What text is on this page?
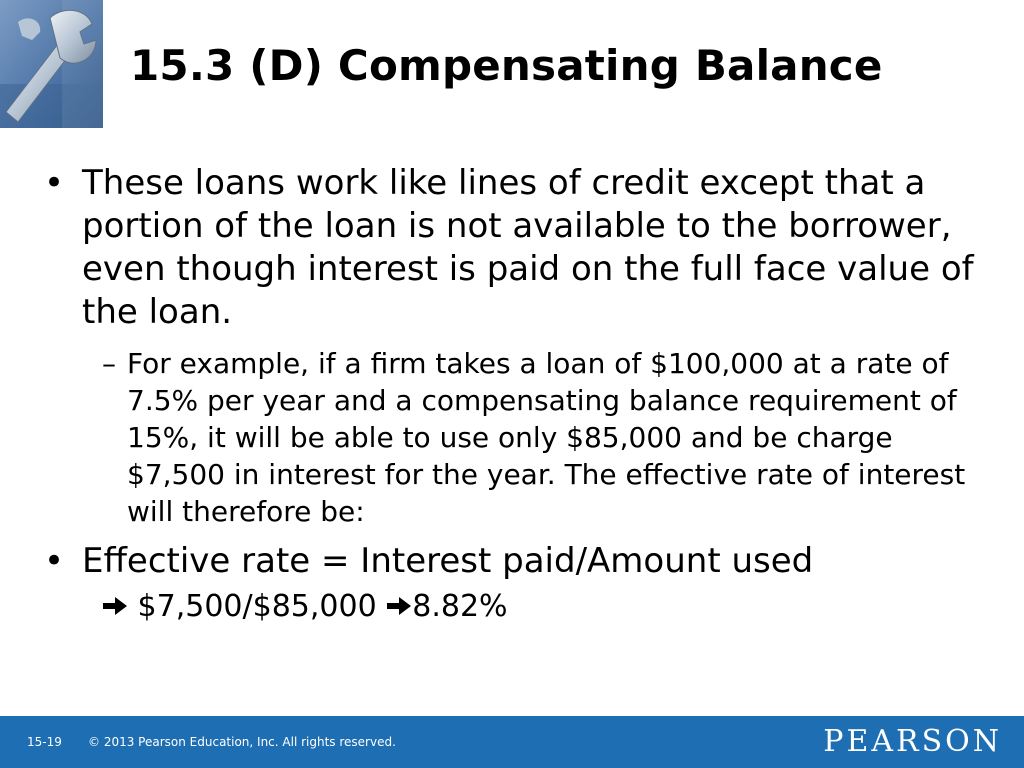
15.3 (D) Compensating Balance
• These loans work like lines of credit except that a portion of the loan is not available to the borrower, even though interest is paid on the full face value of the loan.
– For example, if a firm takes a loan of $100,000 at a rate of 7.5% per year and a compensating balance requirement of 15%, it will be able to use only $85,000 and be charge $7,500 in interest for the year. The effective rate of interest will therefore be:
• Effective rate = Interest paid/Amount used
$7,500/$85,000 8.82%
15-19 © 2013 Pearson Education, Inc. All rights reserved.	PEARSON
